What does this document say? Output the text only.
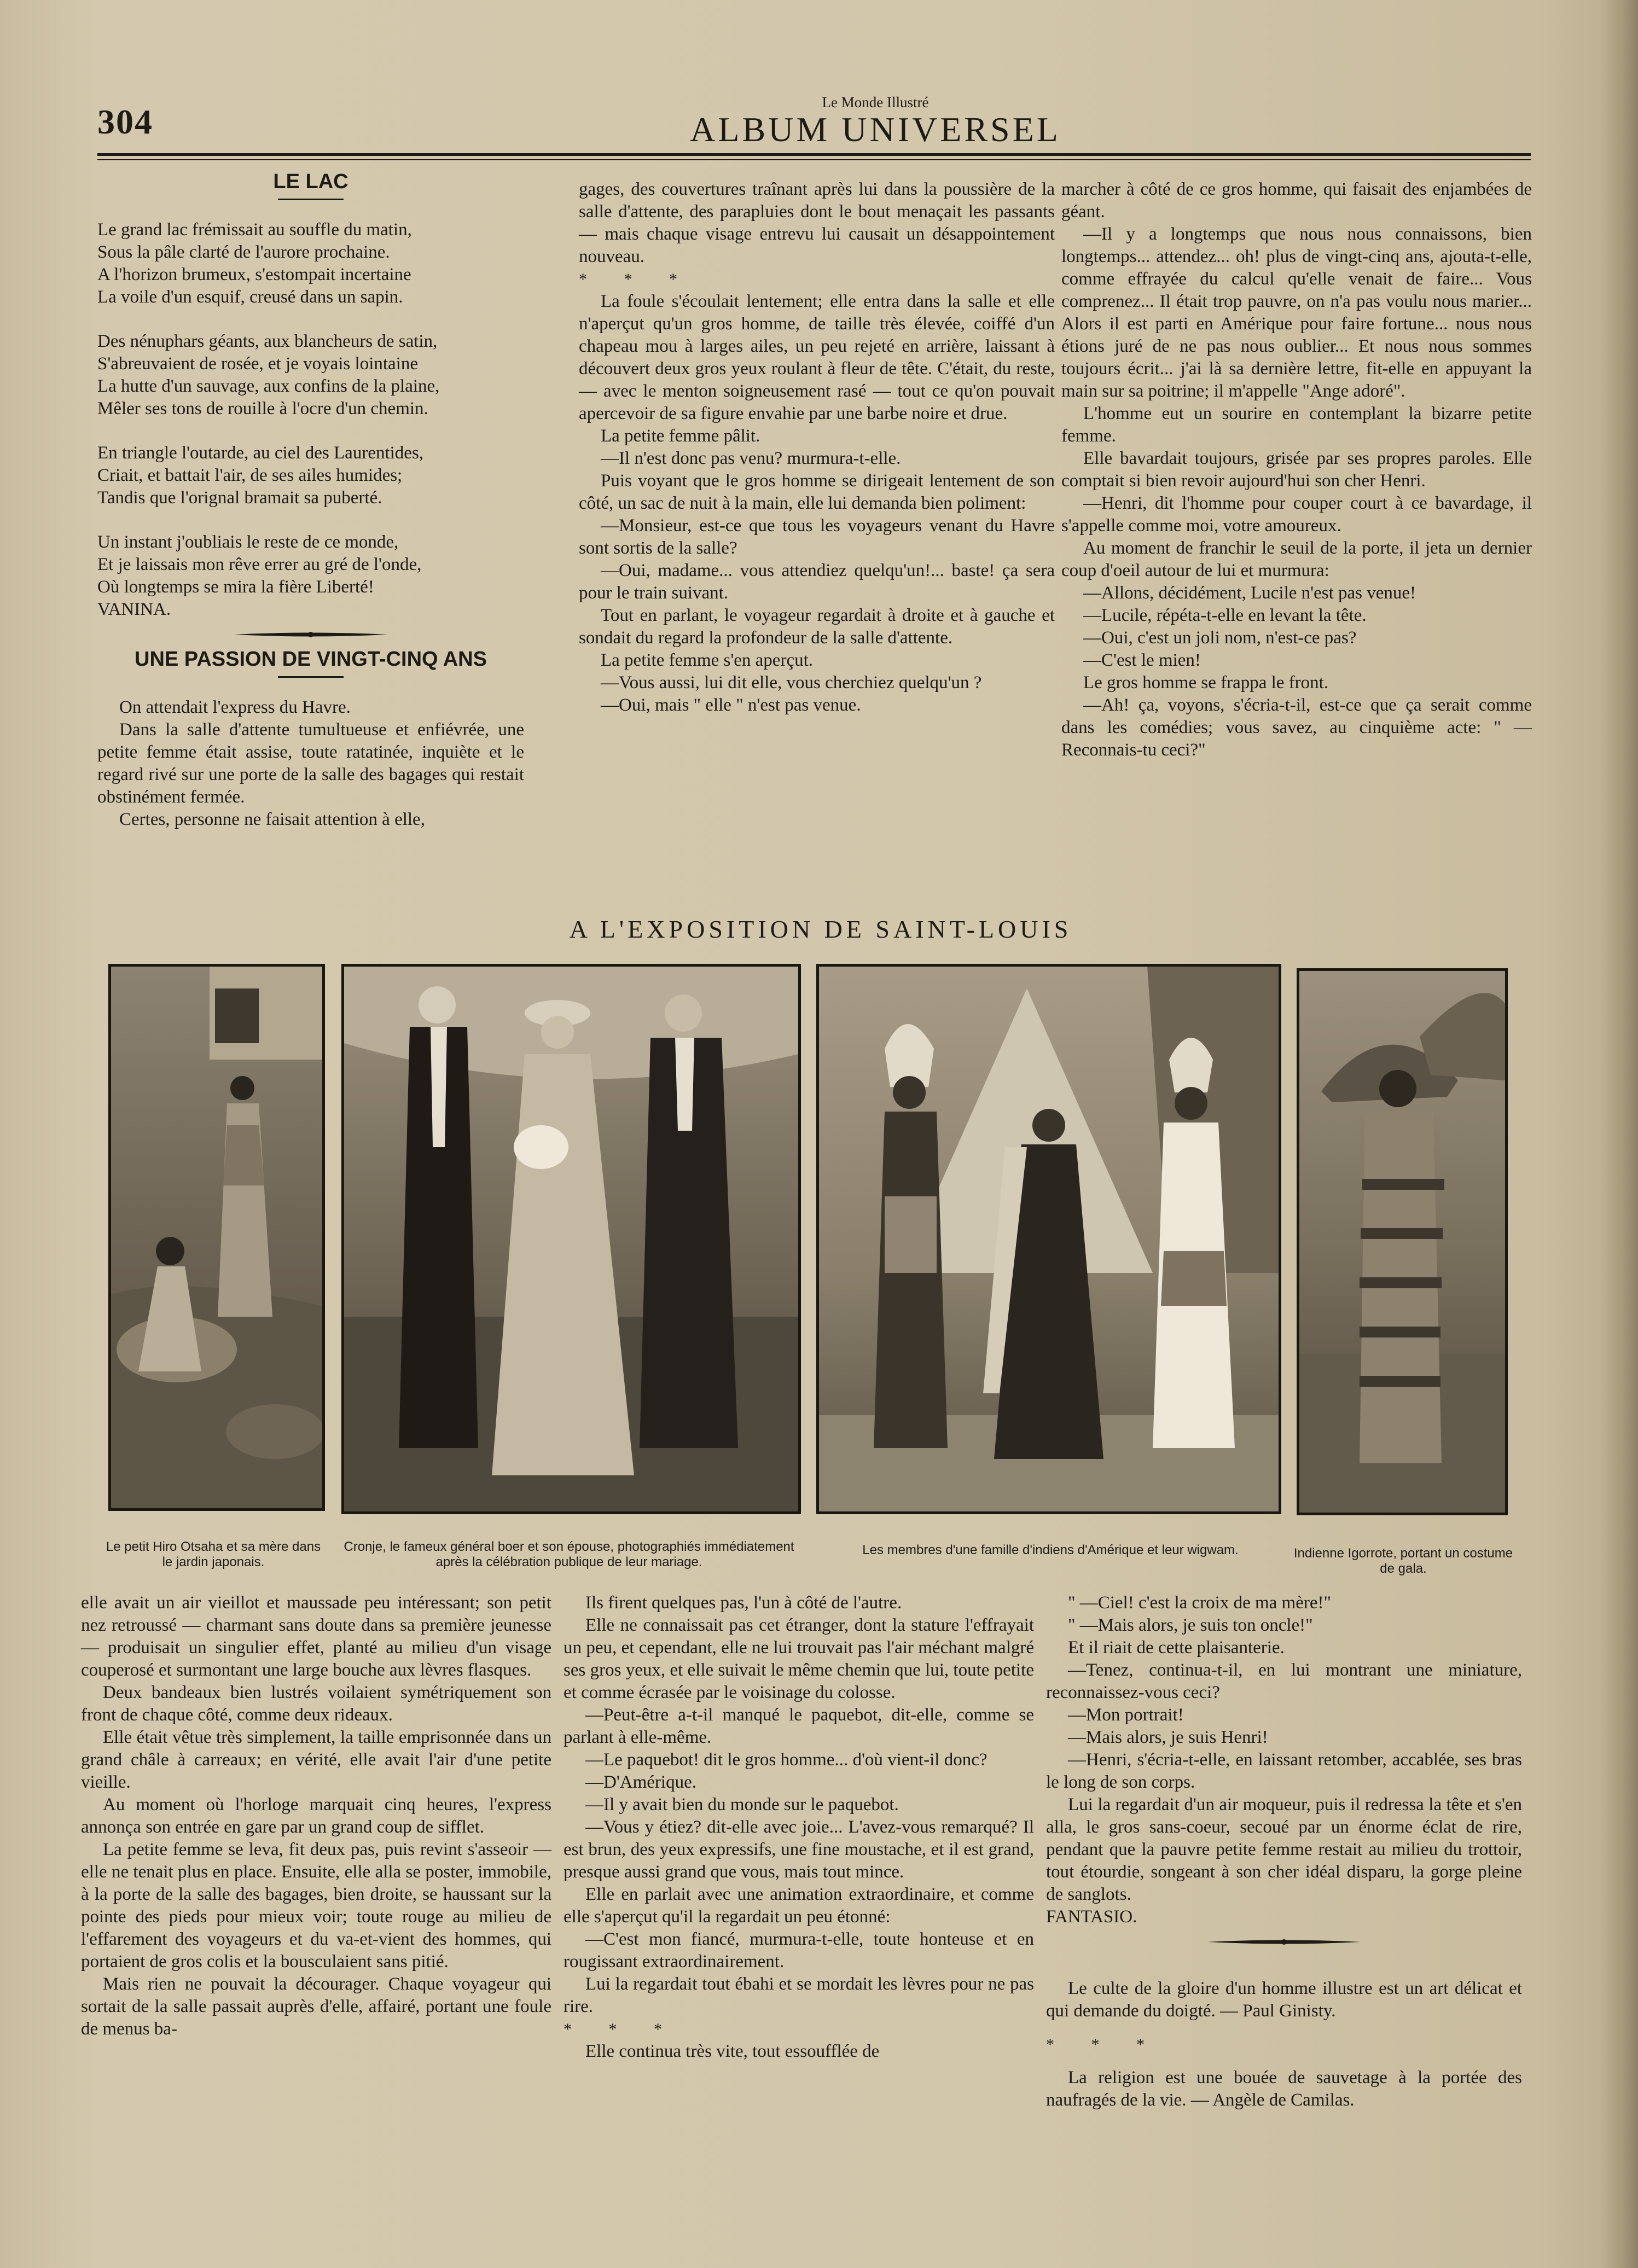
304	Le Monde Illustré
ALBUM UNIVERSEL
LE LAC

Le grand lac frémissait au souffle du matin,

Sous la pâle clarté de l'aurore prochaine.

A l'horizon brumeux, s'estompait incertaine

La voile d'un esquif, creusé dans un sapin.

Des nénuphars géants, aux blancheurs de satin,

S'abreuvaient de rosée, et je voyais lointaine

La hutte d'un sauvage, aux confins de la plaine,

Mêler ses tons de rouille à l'ocre d'un chemin.

En triangle l'outarde, au ciel des Laurentides,

Criait, et battait l'air, de ses ailes humides;

Tandis que l'orignal bramait sa puberté.

Un instant j'oubliais le reste de ce monde,

Et je laissais mon rêve errer au gré de l'onde,

Où longtemps se mira la fière Liberté!

VANINA.

UNE PASSION DE VINGT-CINQ ANS

On attendait l'express du Havre.

Dans la salle d'attente tumultueuse et enfiévrée, une petite femme était assise, toute ratatinée, inquiète et le regard rivé sur une porte de la salle des bagages qui restait obstinément fermée.

Certes, personne ne faisait attention à elle,

gages, des couvertures traînant après lui dans la poussière de la salle d'attente, des parapluies dont le bout menaçait les passants — mais chaque visage entrevu lui causait un désappointement nouveau.

* * *

La foule s'écoulait lentement; elle entra dans la salle et elle n'aperçut qu'un gros homme, de taille très élevée, coiffé d'un chapeau mou à larges ailes, un peu rejeté en arrière, laissant à découvert deux gros yeux roulant à fleur de tête. C'était, du reste, — avec le menton soigneusement rasé — tout ce qu'on pouvait apercevoir de sa figure envahie par une barbe noire et drue.

La petite femme pâlit.

—Il n'est donc pas venu? murmura-t-elle.

Puis voyant que le gros homme se dirigeait lentement de son côté, un sac de nuit à la main, elle lui demanda bien poliment:

—Monsieur, est-ce que tous les voyageurs venant du Havre sont sortis de la salle?

—Oui, madame... vous attendiez quelqu'un!... baste! ça sera pour le train suivant.

Tout en parlant, le voyageur regardait à droite et à gauche et sondait du regard la profondeur de la salle d'attente.

La petite femme s'en aperçut.

—Vous aussi, lui dit elle, vous cherchiez quelqu'un ?

—Oui, mais " elle " n'est pas venue.

marcher à côté de ce gros homme, qui faisait des enjambées de géant.

—Il y a longtemps que nous nous connaissons, bien longtemps... attendez... oh! plus de vingt-cinq ans, ajouta-t-elle, comme effrayée du calcul qu'elle venait de faire... Vous comprenez... Il était trop pauvre, on n'a pas voulu nous marier... Alors il est parti en Amérique pour faire fortune... nous nous étions juré de ne pas nous oublier... Et nous nous sommes toujours écrit... j'ai là sa dernière lettre, fit-elle en appuyant la main sur sa poitrine; il m'appelle "Ange adoré".

L'homme eut un sourire en contemplant la bizarre petite femme.

Elle bavardait toujours, grisée par ses propres paroles. Elle comptait si bien revoir aujourd'hui son cher Henri.

—Henri, dit l'homme pour couper court à ce bavardage, il s'appelle comme moi, votre amoureux.

Au moment de franchir le seuil de la porte, il jeta un dernier coup d'oeil autour de lui et murmura:

—Allons, décidément, Lucile n'est pas venue!

—Lucile, répéta-t-elle en levant la tête.

—Oui, c'est un joli nom, n'est-ce pas?

—C'est le mien!

Le gros homme se frappa le front.

—Ah! ça, voyons, s'écria-t-il, est-ce que ça serait comme dans les comédies; vous savez, au cinquième acte: " —Reconnais-tu ceci?"

A L'EXPOSITION DE SAINT-LOUIS
Le petit Hiro Otsaha et sa mère dans le jardin japonais.
Cronje, le fameux général boer et son épouse, photographiés immédiatement après la célébration publique de leur mariage.
Les membres d'une famille d'indiens d'Amérique et leur wigwam.	Indienne Igorrote, portant un costume de gala.

elle avait un air vieillot et maussade peu intéressant; son petit nez retroussé — charmant sans doute dans sa première jeunesse — produisait un singulier effet, planté au milieu d'un visage couperosé et surmontant une large bouche aux lèvres flasques.

Deux bandeaux bien lustrés voilaient symétriquement son front de chaque côté, comme deux rideaux.

Elle était vêtue très simplement, la taille emprisonnée dans un grand châle à carreaux; en vérité, elle avait l'air d'une petite vieille.

Au moment où l'horloge marquait cinq heures, l'express annonça son entrée en gare par un grand coup de sifflet.

La petite femme se leva, fit deux pas, puis revint s'asseoir — elle ne tenait plus en place. Ensuite, elle alla se poster, immobile, à la porte de la salle des bagages, bien droite, se haussant sur la pointe des pieds pour mieux voir; toute rouge au milieu de l'effarement des voyageurs et du va-et-vient des hommes, qui portaient de gros colis et la bousculaient sans pitié.

Mais rien ne pouvait la décourager. Chaque voyageur qui sortait de la salle passait auprès d'elle, affairé, portant une foule de menus ba-

Ils firent quelques pas, l'un à côté de l'autre.

Elle ne connaissait pas cet étranger, dont la stature l'effrayait un peu, et cependant, elle ne lui trouvait pas l'air méchant malgré ses gros yeux, et elle suivait le même chemin que lui, toute petite et comme écrasée par le voisinage du colosse.

—Peut-être a-t-il manqué le paquebot, dit-elle, comme se parlant à elle-même.

—Le paquebot! dit le gros homme... d'où vient-il donc?

—D'Amérique.

—Il y avait bien du monde sur le paquebot.

—Vous y étiez? dit-elle avec joie... L'avez-vous remarqué? Il est brun, des yeux expressifs, une fine moustache, et il est grand, presque aussi grand que vous, mais tout mince.

Elle en parlait avec une animation extraordinaire, et comme elle s'aperçut qu'il la regardait un peu étonné:

—C'est mon fiancé, murmura-t-elle, toute honteuse et en rougissant extraordinairement.

Lui la regardait tout ébahi et se mordait les lèvres pour ne pas rire.

* * *

Elle continua très vite, tout essoufflée de

" —Ciel! c'est la croix de ma mère!"

" —Mais alors, je suis ton oncle!"

Et il riait de cette plaisanterie.

—Tenez, continua-t-il, en lui montrant une miniature, reconnaissez-vous ceci?

—Mon portrait!

—Mais alors, je suis Henri!

—Henri, s'écria-t-elle, en laissant retomber, accablée, ses bras le long de son corps.

Lui la regardait d'un air moqueur, puis il redressa la tête et s'en alla, le gros sans-coeur, secoué par un énorme éclat de rire, pendant que la pauvre petite femme restait au milieu du trottoir, tout étourdie, songeant à son cher idéal disparu, la gorge pleine de sanglots.

FANTASIO.

Le culte de la gloire d'un homme illustre est un art délicat et qui demande du doigté. — Paul Ginisty.

* * *

La religion est une bouée de sauvetage à la portée des naufragés de la vie. — Angèle de Camilas.
